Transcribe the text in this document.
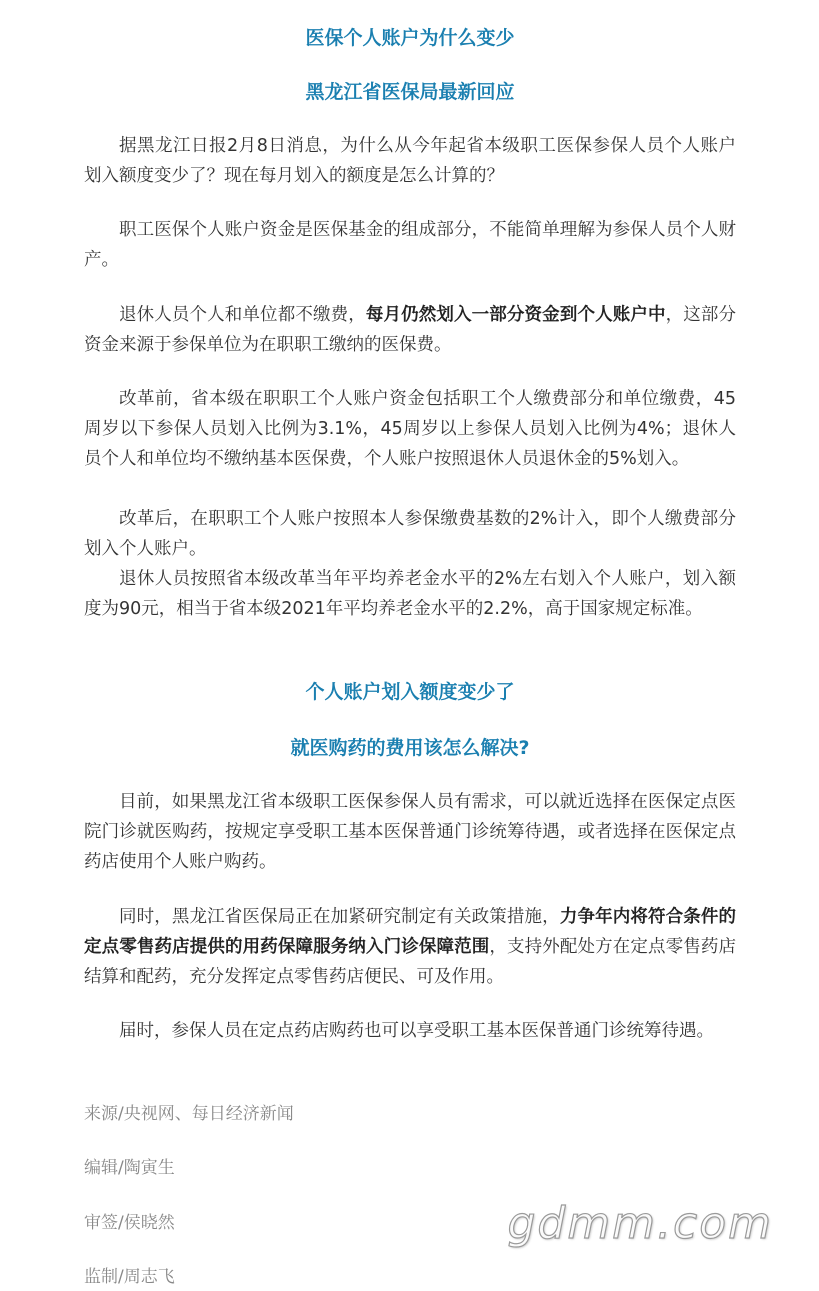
医保个人账户为什么变少
黑龙江省医保局最新回应

据黑龙江日报2月8日消息，为什么从今年起省本级职工医保参保人员个人账户划入额度变少了？现在每月划入的额度是怎么计算的？

职工医保个人账户资金是医保基金的组成部分，不能简单理解为参保人员个人财产。

退休人员个人和单位都不缴费，每月仍然划入一部分资金到个人账户中，这部分资金来源于参保单位为在职职工缴纳的医保费。

改革前，省本级在职职工个人账户资金包括职工个人缴费部分和单位缴费，45周岁以下参保人员划入比例为3.1%，45周岁以上参保人员划入比例为4%；退休人员个人和单位均不缴纳基本医保费，个人账户按照退休人员退休金的5%划入。

改革后，在职职工个人账户按照本人参保缴费基数的2%计入，即个人缴费部分划入个人账户。

退休人员按照省本级改革当年平均养老金水平的2%左右划入个人账户，划入额度为90元，相当于省本级2021年平均养老金水平的2.2%，高于国家规定标准。

个人账户划入额度变少了
就医购药的费用该怎么解决?

目前，如果黑龙江省本级职工医保参保人员有需求，可以就近选择在医保定点医院门诊就医购药，按规定享受职工基本医保普通门诊统筹待遇，或者选择在医保定点药店使用个人账户购药。

同时，黑龙江省医保局正在加紧研究制定有关政策措施，力争年内将符合条件的定点零售药店提供的用药保障服务纳入门诊保障范围，支持外配处方在定点零售药店结算和配药，充分发挥定点零售药店便民、可及作用。

届时，参保人员在定点药店购药也可以享受职工基本医保普通门诊统筹待遇。

来源/央视网、每日经济新闻

编辑/陶寅生

审签/侯晓然

监制/周志飞

gdmm.com
